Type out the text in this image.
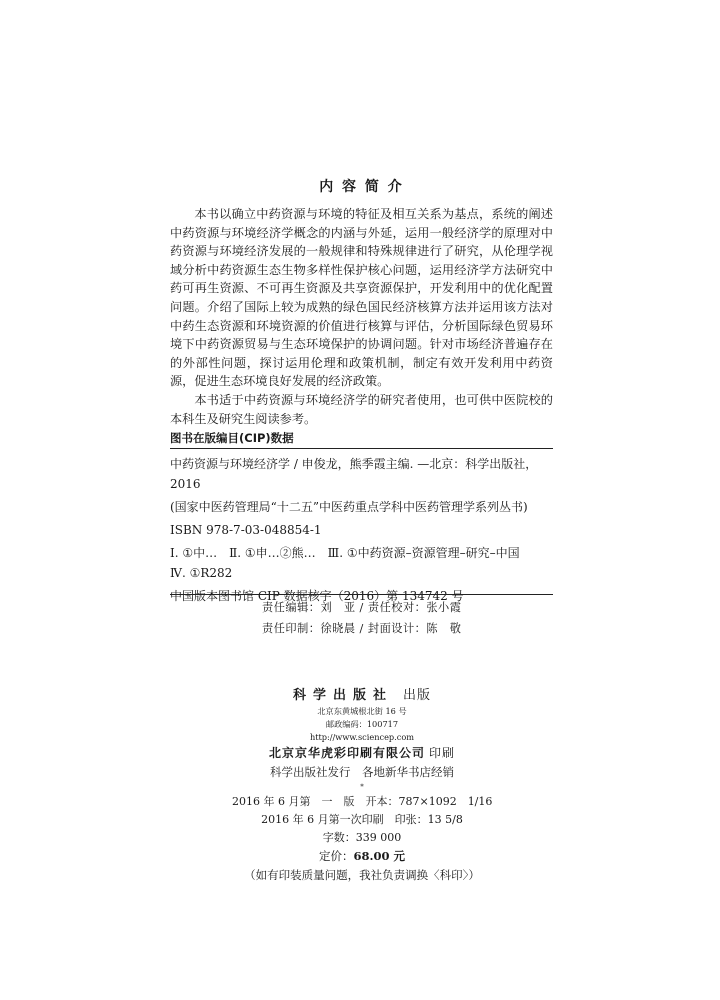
内 容 简 介

本书以确立中药资源与环境的特征及相互关系为基点，系统的阐述中药资源与环境经济学概念的内涵与外延，运用一般经济学的原理对中药资源与环境经济发展的一般规律和特殊规律进行了研究，从伦理学视域分析中药资源生态生物多样性保护核心问题，运用经济学方法研究中药可再生资源、不可再生资源及共享资源保护，开发利用中的优化配置问题。介绍了国际上较为成熟的绿色国民经济核算方法并运用该方法对中药生态资源和环境资源的价值进行核算与评估，分析国际绿色贸易环境下中药资源贸易与生态环境保护的协调问题。针对市场经济普遍存在的外部性问题，探讨运用伦理和政策机制，制定有效开发利用中药资源，促进生态环境良好发展的经济政策。

本书适于中药资源与环境经济学的研究者使用，也可供中医院校的本科生及研究生阅读参考。

图书在版编目(CIP)数据
中药资源与环境经济学 / 申俊龙，熊季霞主编. —北京：科学出版社，
2016
(国家中医药管理局“十二五”中医药重点学科中医药管理学系列丛书)
ISBN 978-7-03-048854-1
Ⅰ. ①中…　Ⅱ. ①申…②熊…　Ⅲ. ①中药资源–资源管理–研究–中国
Ⅳ. ①R282
中国版本图书馆 CIP 数据核字（2016）第 134742 号
责任编辑：刘　亚 / 责任校对：张小霞
责任印制：徐晓晨 / 封面设计：陈　敬
科学出版社 出版
北京东黄城根北街 16 号
邮政编码：100717
http://www.sciencep.com
北京京华虎彩印刷有限公司 印刷
科学出版社发行　各地新华书店经销
*
2016 年 6 月第　一　版　开本：787×1092　1/16
2016 年 6 月第一次印刷　印张：13 5/8
字数：339 000
定价：68.00 元
（如有印装质量问题，我社负责调换〈科印〉）
